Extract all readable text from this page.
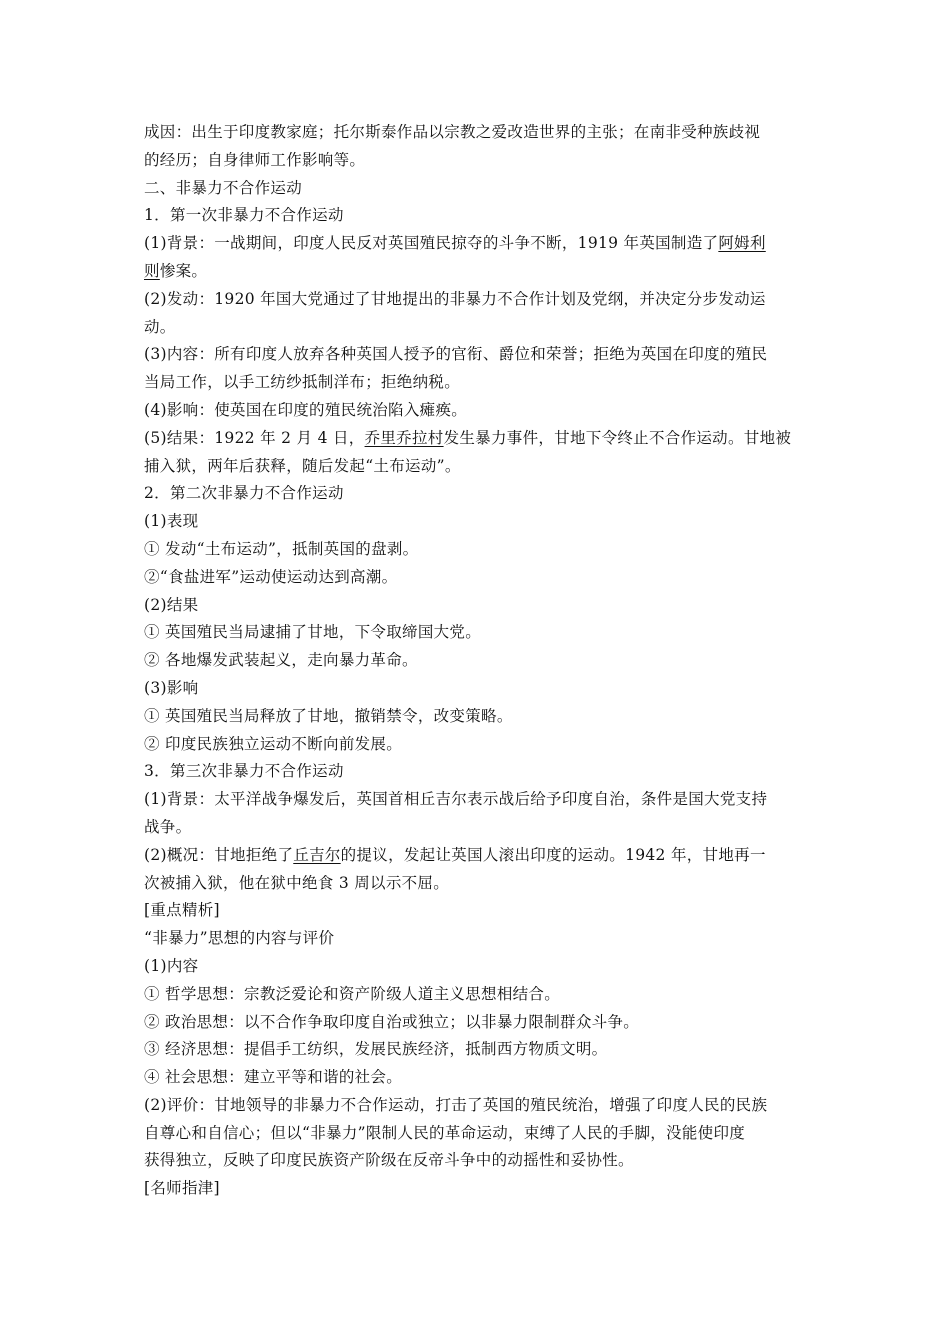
成因：出生于印度教家庭；托尔斯泰作品以宗教之爱改造世界的主张；在南非受种族歧视
的经历；自身律师工作影响等。
二、非暴力不合作运动
1．第一次非暴力不合作运动
(1)背景：一战期间，印度人民反对英国殖民掠夺的斗争不断，1919 年英国制造了阿姆利
则惨案。
(2)发动：1920 年国大党通过了甘地提出的非暴力不合作计划及党纲，并决定分步发动运
动。
(3)内容：所有印度人放弃各种英国人授予的官衔、爵位和荣誉；拒绝为英国在印度的殖民
当局工作，以手工纺纱抵制洋布；拒绝纳税。
(4)影响：使英国在印度的殖民统治陷入瘫痪。
(5)结果：1922 年 2 月 4 日，乔里乔拉村发生暴力事件，甘地下令终止不合作运动。甘地被
捕入狱，两年后获释，随后发起“土布运动”。
2．第二次非暴力不合作运动
(1)表现
① 发动“土布运动”，抵制英国的盘剥。
②“食盐进军”运动使运动达到高潮。
(2)结果
① 英国殖民当局逮捕了甘地，下令取缔国大党。
② 各地爆发武装起义，走向暴力革命。
(3)影响
① 英国殖民当局释放了甘地，撤销禁令，改变策略。
② 印度民族独立运动不断向前发展。
3．第三次非暴力不合作运动
(1)背景：太平洋战争爆发后，英国首相丘吉尔表示战后给予印度自治，条件是国大党支持
战争。
(2)概况：甘地拒绝了丘吉尔的提议，发起让英国人滚出印度的运动。1942 年，甘地再一
次被捕入狱，他在狱中绝食 3 周以示不屈。
[重点精析]
“非暴力”思想的内容与评价
(1)内容
① 哲学思想：宗教泛爱论和资产阶级人道主义思想相结合。
② 政治思想：以不合作争取印度自治或独立；以非暴力限制群众斗争。
③ 经济思想：提倡手工纺织，发展民族经济，抵制西方物质文明。
④ 社会思想：建立平等和谐的社会。
(2)评价：甘地领导的非暴力不合作运动，打击了英国的殖民统治，增强了印度人民的民族
自尊心和自信心；但以“非暴力”限制人民的革命运动，束缚了人民的手脚，没能使印度
获得独立，反映了印度民族资产阶级在反帝斗争中的动摇性和妥协性。
[名师指津]
